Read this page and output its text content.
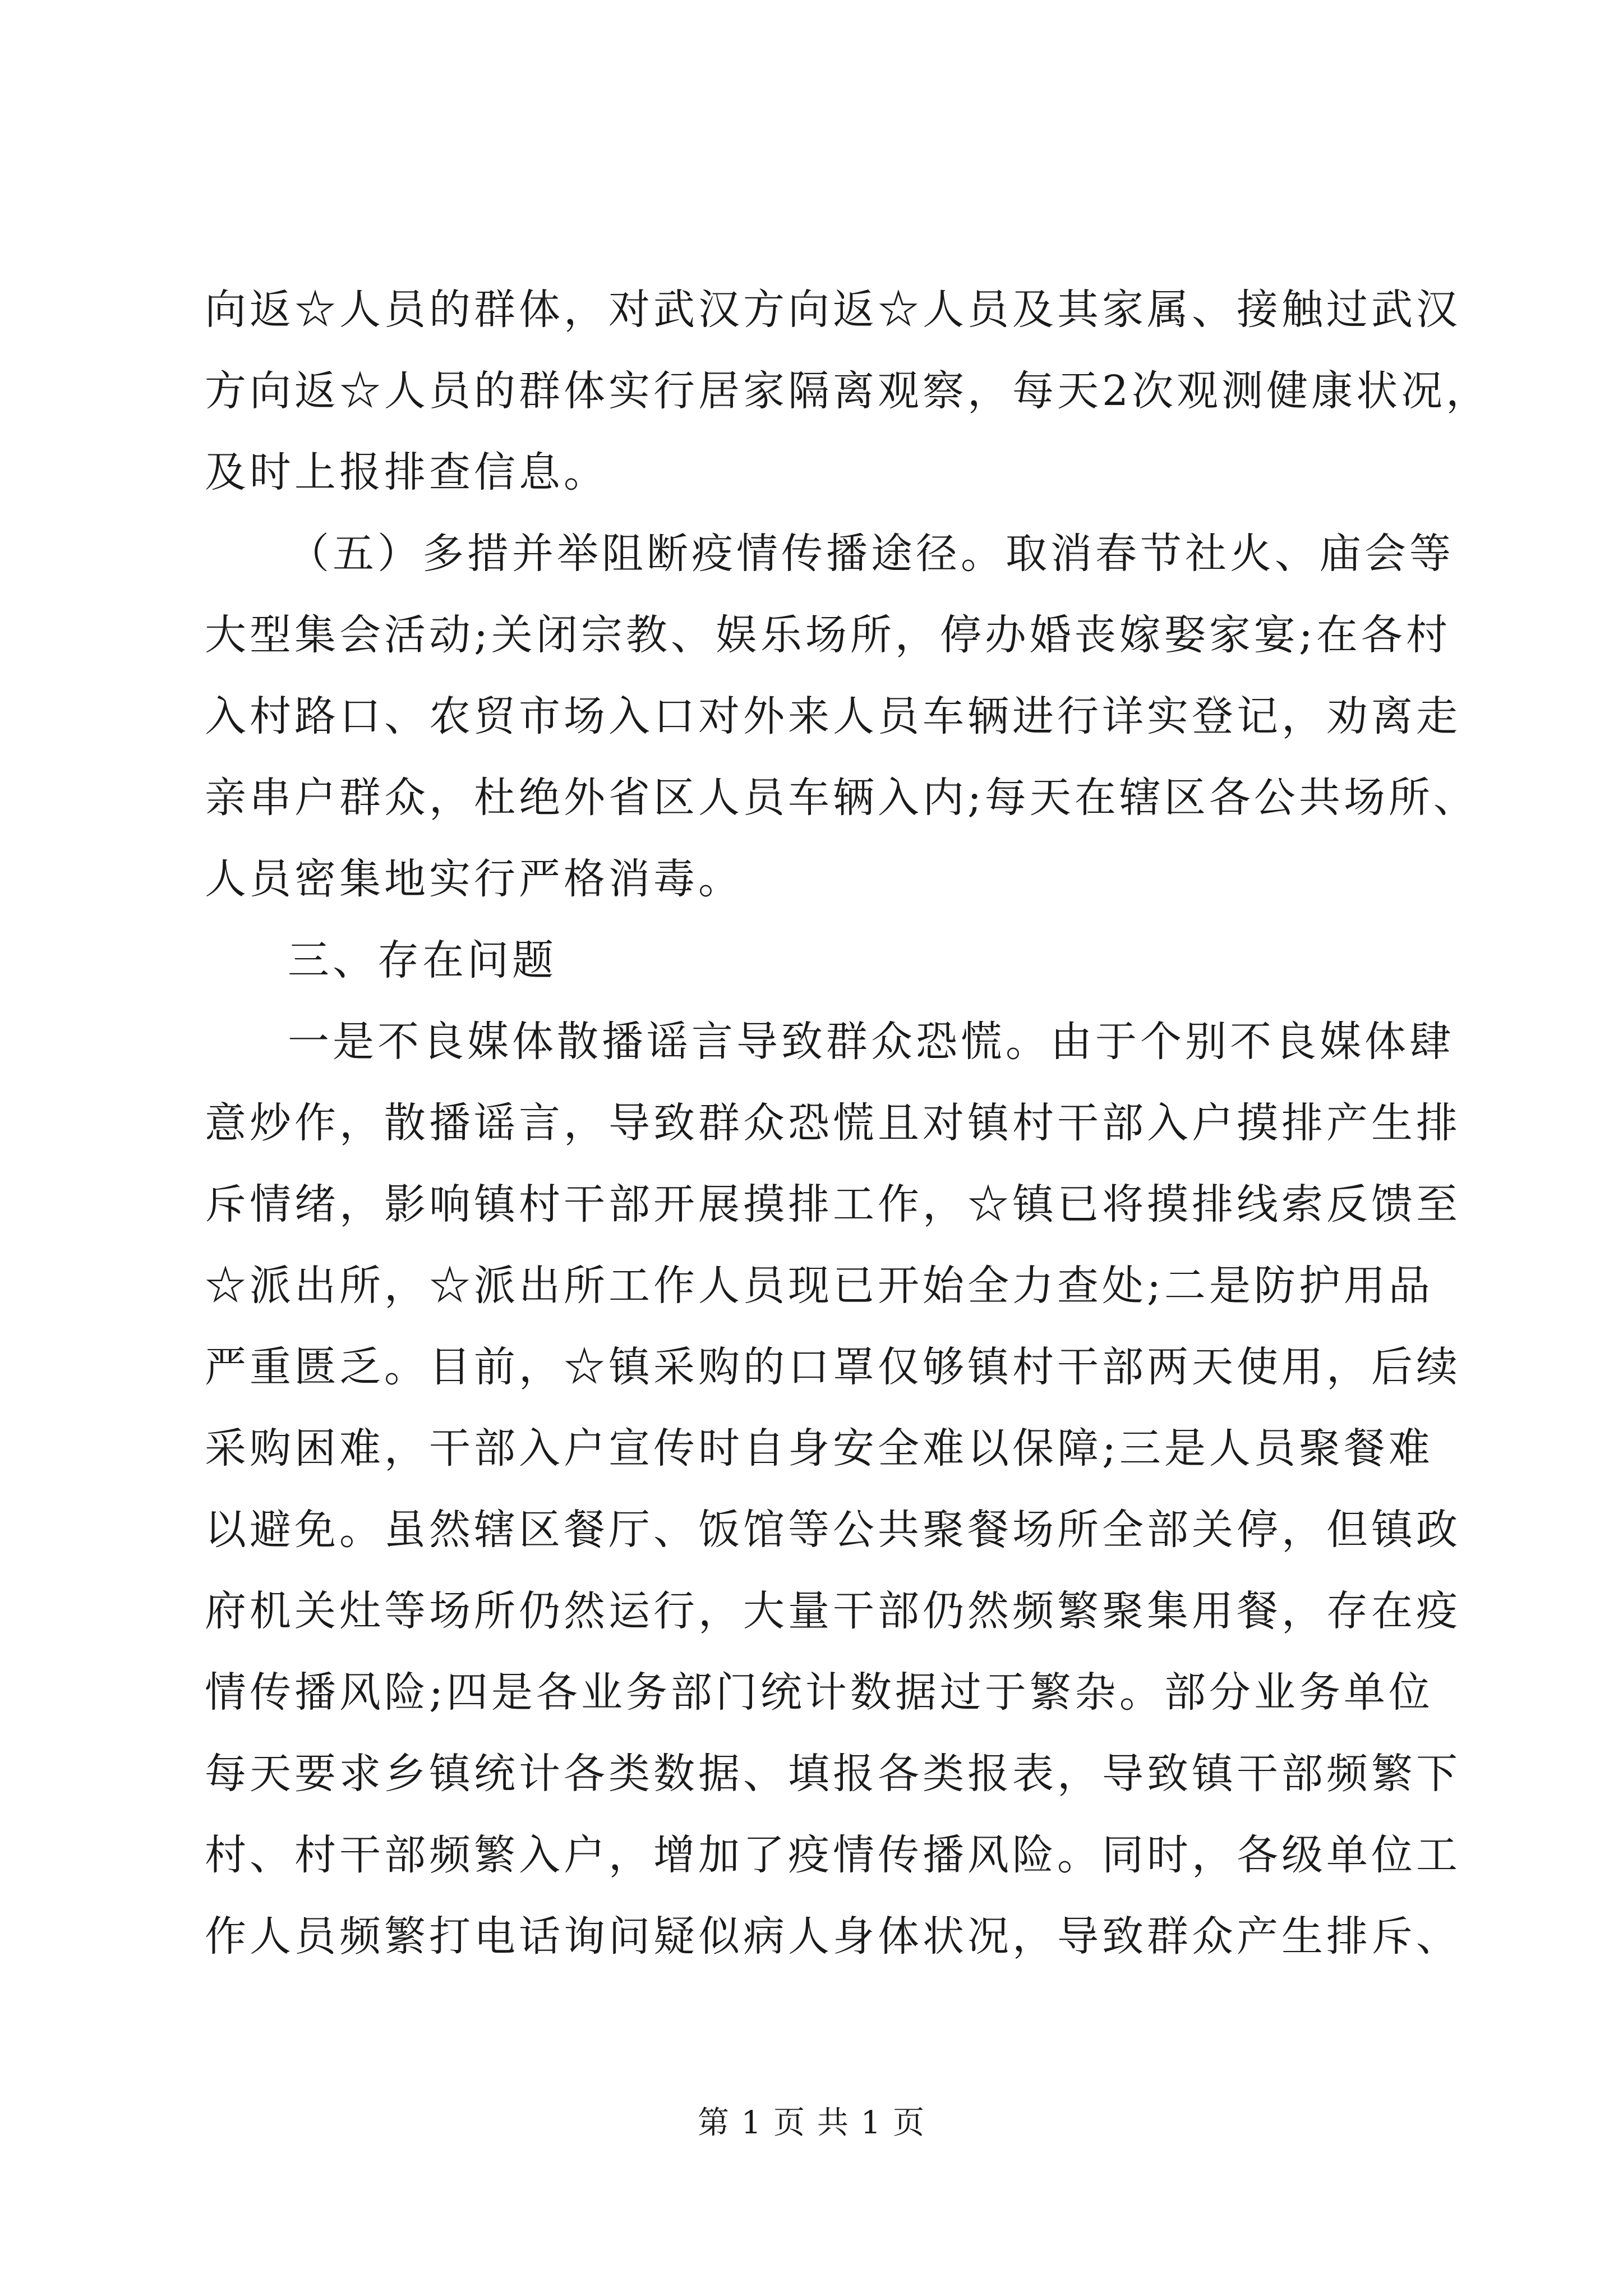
向返☆人员的群体，对武汉方向返☆人员及其家属、接触过武汉
方向返☆人员的群体实行居家隔离观察，每天2次观测健康状况，
及时上报排查信息。
（五）多措并举阻断疫情传播途径。取消春节社火、庙会等
大型集会活动;关闭宗教、娱乐场所，停办婚丧嫁娶家宴;在各村
入村路口、农贸市场入口对外来人员车辆进行详实登记，劝离走
亲串户群众，杜绝外省区人员车辆入内;每天在辖区各公共场所、
人员密集地实行严格消毒。
三、存在问题
一是不良媒体散播谣言导致群众恐慌。由于个别不良媒体肆
意炒作，散播谣言，导致群众恐慌且对镇村干部入户摸排产生排
斥情绪，影响镇村干部开展摸排工作，☆镇已将摸排线索反馈至
☆派出所，☆派出所工作人员现已开始全力查处;二是防护用品
严重匮乏。目前，☆镇采购的口罩仅够镇村干部两天使用，后续
采购困难，干部入户宣传时自身安全难以保障;三是人员聚餐难
以避免。虽然辖区餐厅、饭馆等公共聚餐场所全部关停，但镇政
府机关灶等场所仍然运行，大量干部仍然频繁聚集用餐，存在疫
情传播风险;四是各业务部门统计数据过于繁杂。部分业务单位
每天要求乡镇统计各类数据、填报各类报表，导致镇干部频繁下
村、村干部频繁入户，增加了疫情传播风险。同时，各级单位工
作人员频繁打电话询问疑似病人身体状况，导致群众产生排斥、
第 1 页 共 1 页
